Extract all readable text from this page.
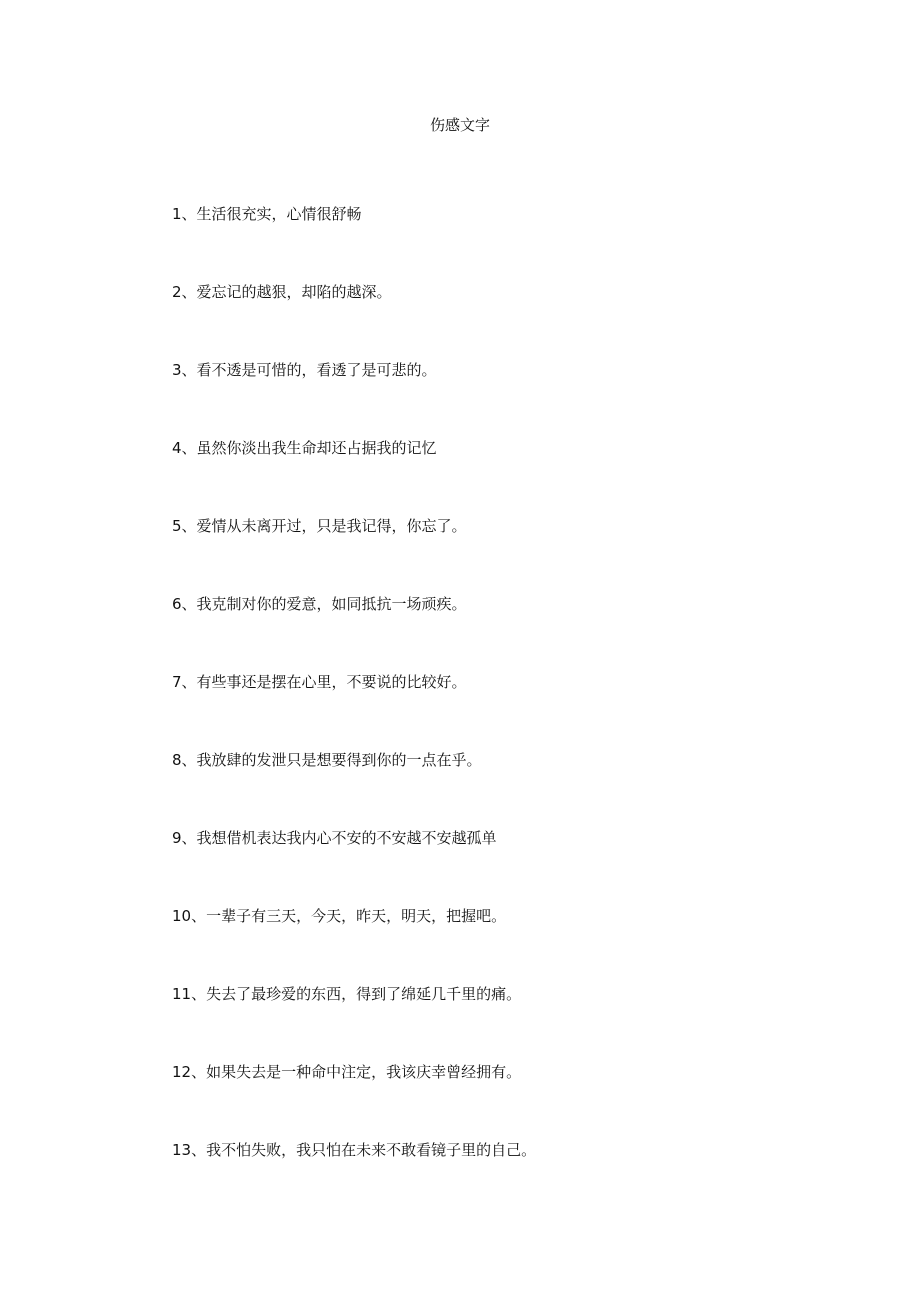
伤感文字
1、生活很充实，心情很舒畅
2、爱忘记的越狠，却陷的越深。
3、看不透是可惜的，看透了是可悲的。
4、虽然你淡出我生命却还占据我的记忆
5、爱情从未离开过，只是我记得，你忘了。
6、我克制对你的爱意，如同抵抗一场顽疾。
7、有些事还是摆在心里，不要说的比较好。
8、我放肆的发泄只是想要得到你的一点在乎。
9、我想借机表达我内心不安的不安越不安越孤单
10、一辈子有三天，今天，昨天，明天，把握吧。
11、失去了最珍爱的东西，得到了绵延几千里的痛。
12、如果失去是一种命中注定，我该庆幸曾经拥有。
13、我不怕失败，我只怕在未来不敢看镜子里的自己。
